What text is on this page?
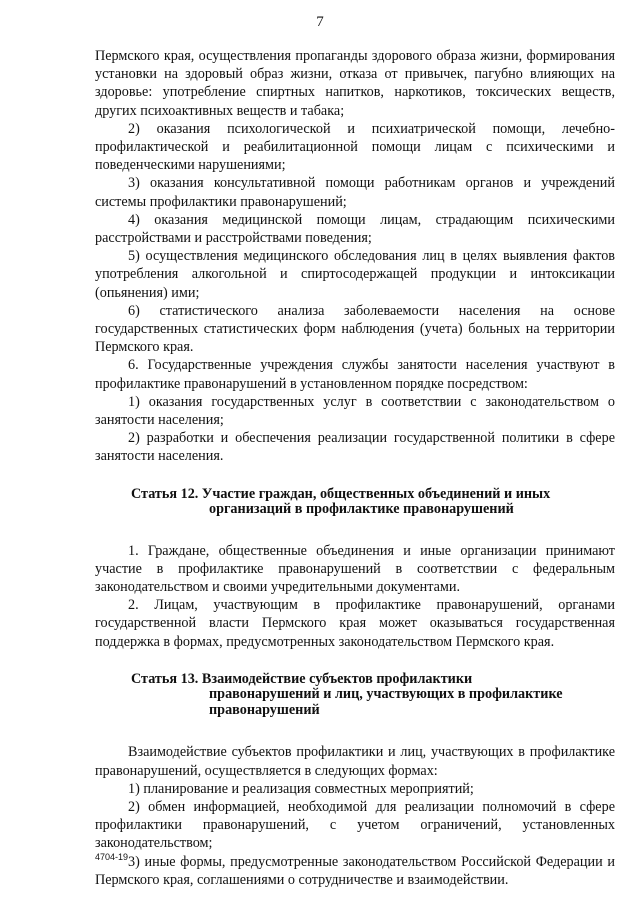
7

Пермского края, осуществления пропаганды здорового образа жизни, формирования установки на здоровый образ жизни, отказа от привычек, пагубно влияющих на здоровье: употребление спиртных напитков, наркотиков, токсических веществ, других психоактивных веществ и табака;

2) оказания психологической и психиатрической помощи, лечебно-профилактической и реабилитационной помощи лицам с психическими и поведенческими нарушениями;

3) оказания консультативной помощи работникам органов и учреждений системы профилактики правонарушений;

4) оказания медицинской помощи лицам, страдающим психическими расстройствами и расстройствами поведения;

5) осуществления медицинского обследования лиц в целях выявления фактов употребления алкогольной и спиртосодержащей продукции и интоксикации (опьянения) ими;

6) статистического анализа заболеваемости населения на основе государственных статистических форм наблюдения (учета) больных на территории Пермского края.

6. Государственные учреждения службы занятости населения участвуют в профилактике правонарушений в установленном порядке посредством:

1) оказания государственных услуг в соответствии с законодательством о занятости населения;

2) разработки и обеспечения реализации государственной политики в сфере занятости населения.

Статья 12. Участие граждан, общественных объединений и иных
организаций в профилактике правонарушений

1. Граждане, общественные объединения и иные организации принимают участие в профилактике правонарушений в соответствии с федеральным законодательством и своими учредительными документами.

2. Лицам, участвующим в профилактике правонарушений, органами государственной власти Пермского края может оказываться государственная поддержка в формах, предусмотренных законодательством Пермского края.

Статья 13. Взаимодействие субъектов профилактики
правонарушений и лиц, участвующих в профилактике
правонарушений

Взаимодействие субъектов профилактики и лиц, участвующих в профилактике правонарушений, осуществляется в следующих формах:

1) планирование и реализация совместных мероприятий;

2) обмен информацией, необходимой для реализации полномочий в сфере профилактики правонарушений, с учетом ограничений, установленных законодательством;

3) иные формы, предусмотренные законодательством Российской Федерации и Пермского края, соглашениями о сотрудничестве и взаимодействии.

4704-19
